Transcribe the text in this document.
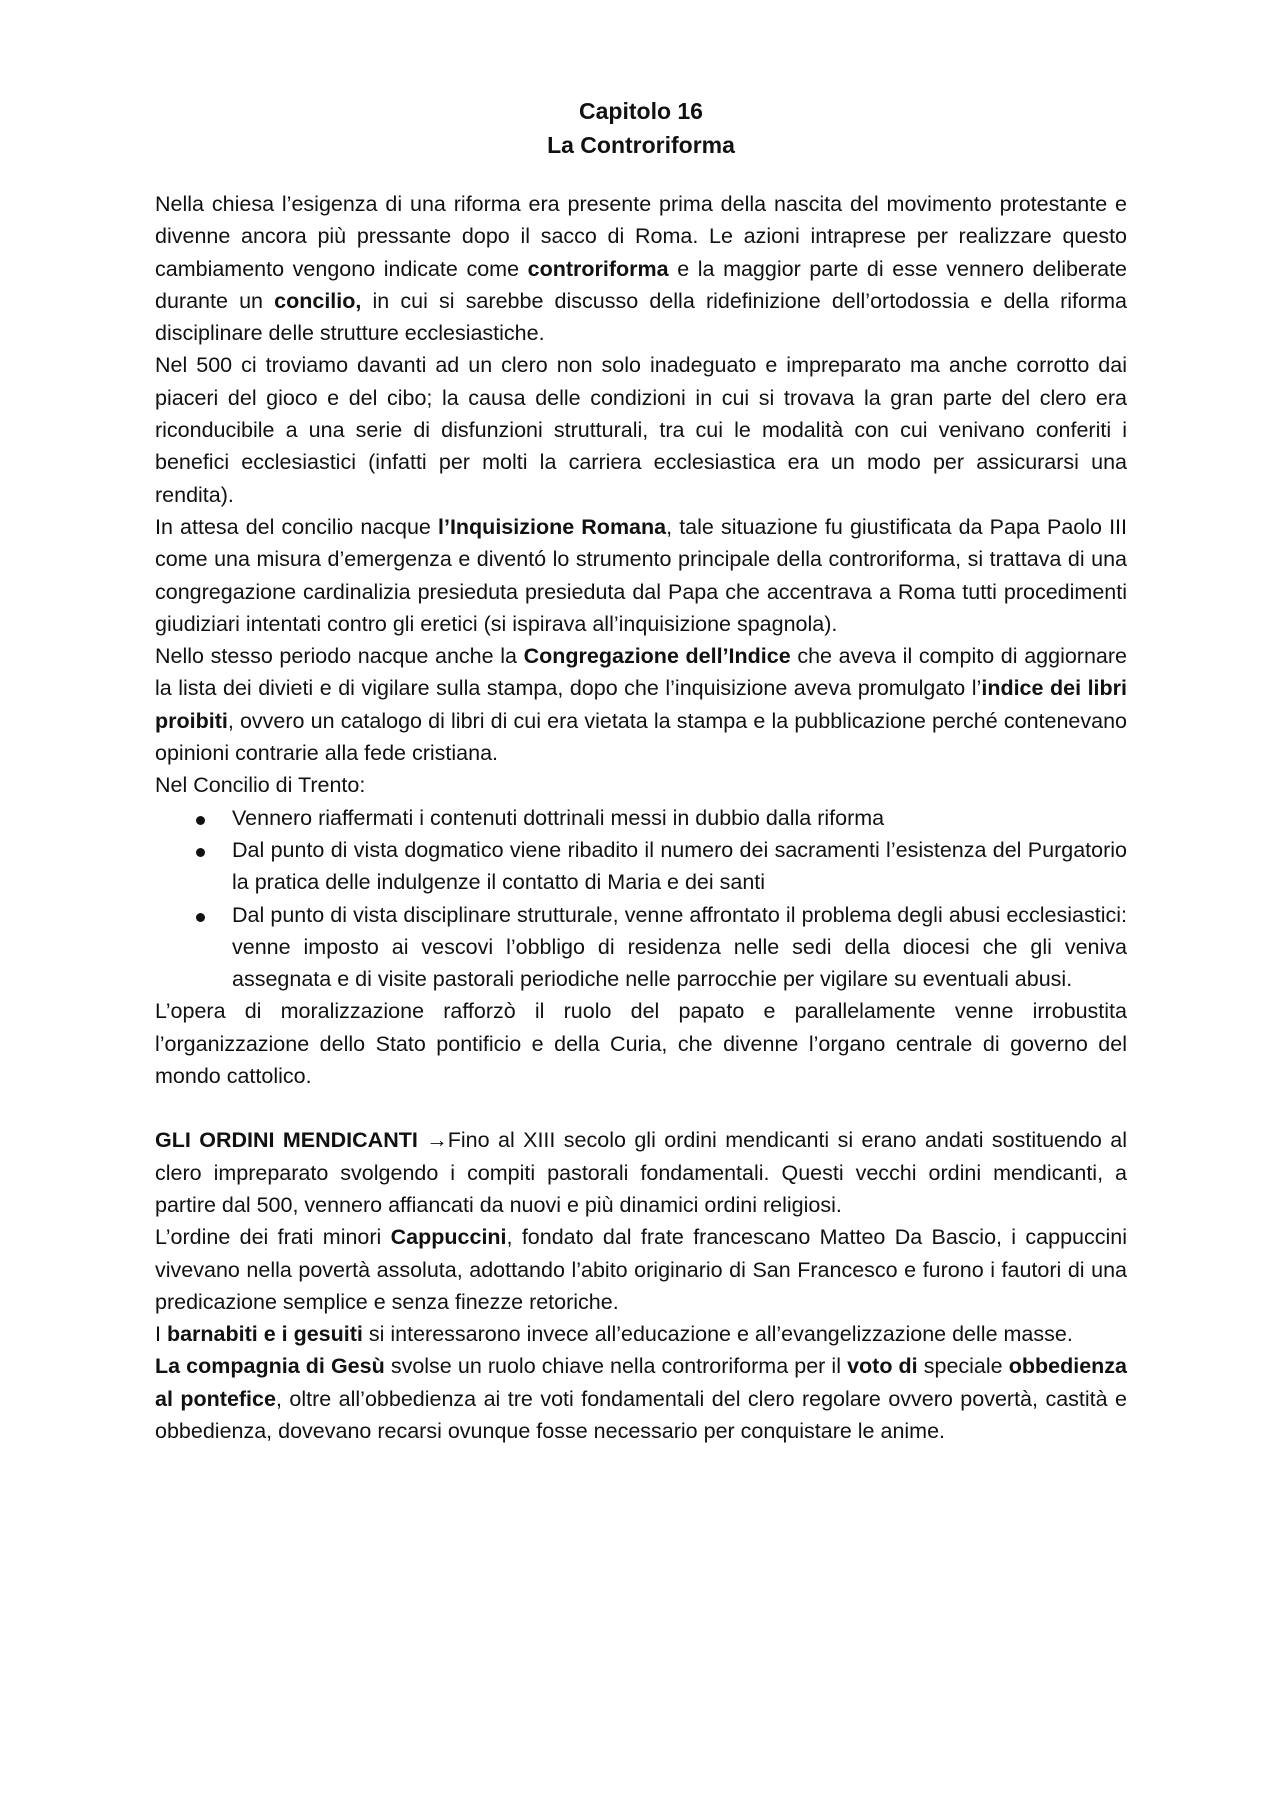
Capitolo 16
La Controriforma

Nella chiesa l’esigenza di una riforma era presente prima della nascita del movimento protestante e divenne ancora più pressante dopo il sacco di Roma. Le azioni intraprese per realizzare questo cambiamento vengono indicate come controriforma e la maggior parte di esse vennero deliberate durante un concilio, in cui si sarebbe discusso della ridefinizione dell’ortodossia e della riforma disciplinare delle strutture ecclesiastiche.

Nel 500 ci troviamo davanti ad un clero non solo inadeguato e impreparato ma anche corrotto dai piaceri del gioco e del cibo; la causa delle condizioni in cui si trovava la gran parte del clero era riconducibile a una serie di disfunzioni strutturali, tra cui le modalità con cui venivano conferiti i benefici ecclesiastici (infatti per molti la carriera ecclesiastica era un modo per assicurarsi una rendita).

In attesa del concilio nacque l’Inquisizione Romana, tale situazione fu giustificata da Papa Paolo III come una misura d’emergenza e diventó lo strumento principale della controriforma, si trattava di una congregazione cardinalizia presieduta presieduta dal Papa che accentrava a Roma tutti procedimenti giudiziari intentati contro gli eretici (si ispirava all’inquisizione spagnola).

Nello stesso periodo nacque anche la Congregazione dell’Indice che aveva il compito di aggiornare la lista dei divieti e di vigilare sulla stampa, dopo che l’inquisizione aveva promulgato l’indice dei libri proibiti, ovvero un catalogo di libri di cui era vietata la stampa e la pubblicazione perché contenevano opinioni contrarie alla fede cristiana.

Nel Concilio di Trento:

Vennero riaffermati i contenuti dottrinali messi in dubbio dalla riforma
Dal punto di vista dogmatico viene ribadito il numero dei sacramenti l’esistenza del Purgatorio la pratica delle indulgenze il contatto di Maria e dei santi
Dal punto di vista disciplinare strutturale, venne affrontato il problema degli abusi ecclesiastici: venne imposto ai vescovi l’obbligo di residenza nelle sedi della diocesi che gli veniva assegnata e di visite pastorali periodiche nelle parrocchie per vigilare su eventuali abusi.

L’opera di moralizzazione rafforzò il ruolo del papato e parallelamente venne irrobustita l’organizzazione dello Stato pontificio e della Curia, che divenne l’organo centrale di governo del mondo cattolico.

GLI ORDINI MENDICANTI →Fino al XIII secolo gli ordini mendicanti si erano andati sostituendo al clero impreparato svolgendo i compiti pastorali fondamentali. Questi vecchi ordini mendicanti, a partire dal 500, vennero affiancati da nuovi e più dinamici ordini religiosi.

L’ordine dei frati minori Cappuccini, fondato dal frate francescano Matteo Da Bascio, i cappuccini vivevano nella povertà assoluta, adottando l’abito originario di San Francesco e furono i fautori di una predicazione semplice e senza finezze retoriche.

I barnabiti e i gesuiti si interessarono invece all’educazione e all’evangelizzazione delle masse.

La compagnia di Gesù svolse un ruolo chiave nella controriforma per il voto di speciale obbedienza al pontefice, oltre all’obbedienza ai tre voti fondamentali del clero regolare ovvero povertà, castità e obbedienza, dovevano recarsi ovunque fosse necessario per conquistare le anime.
